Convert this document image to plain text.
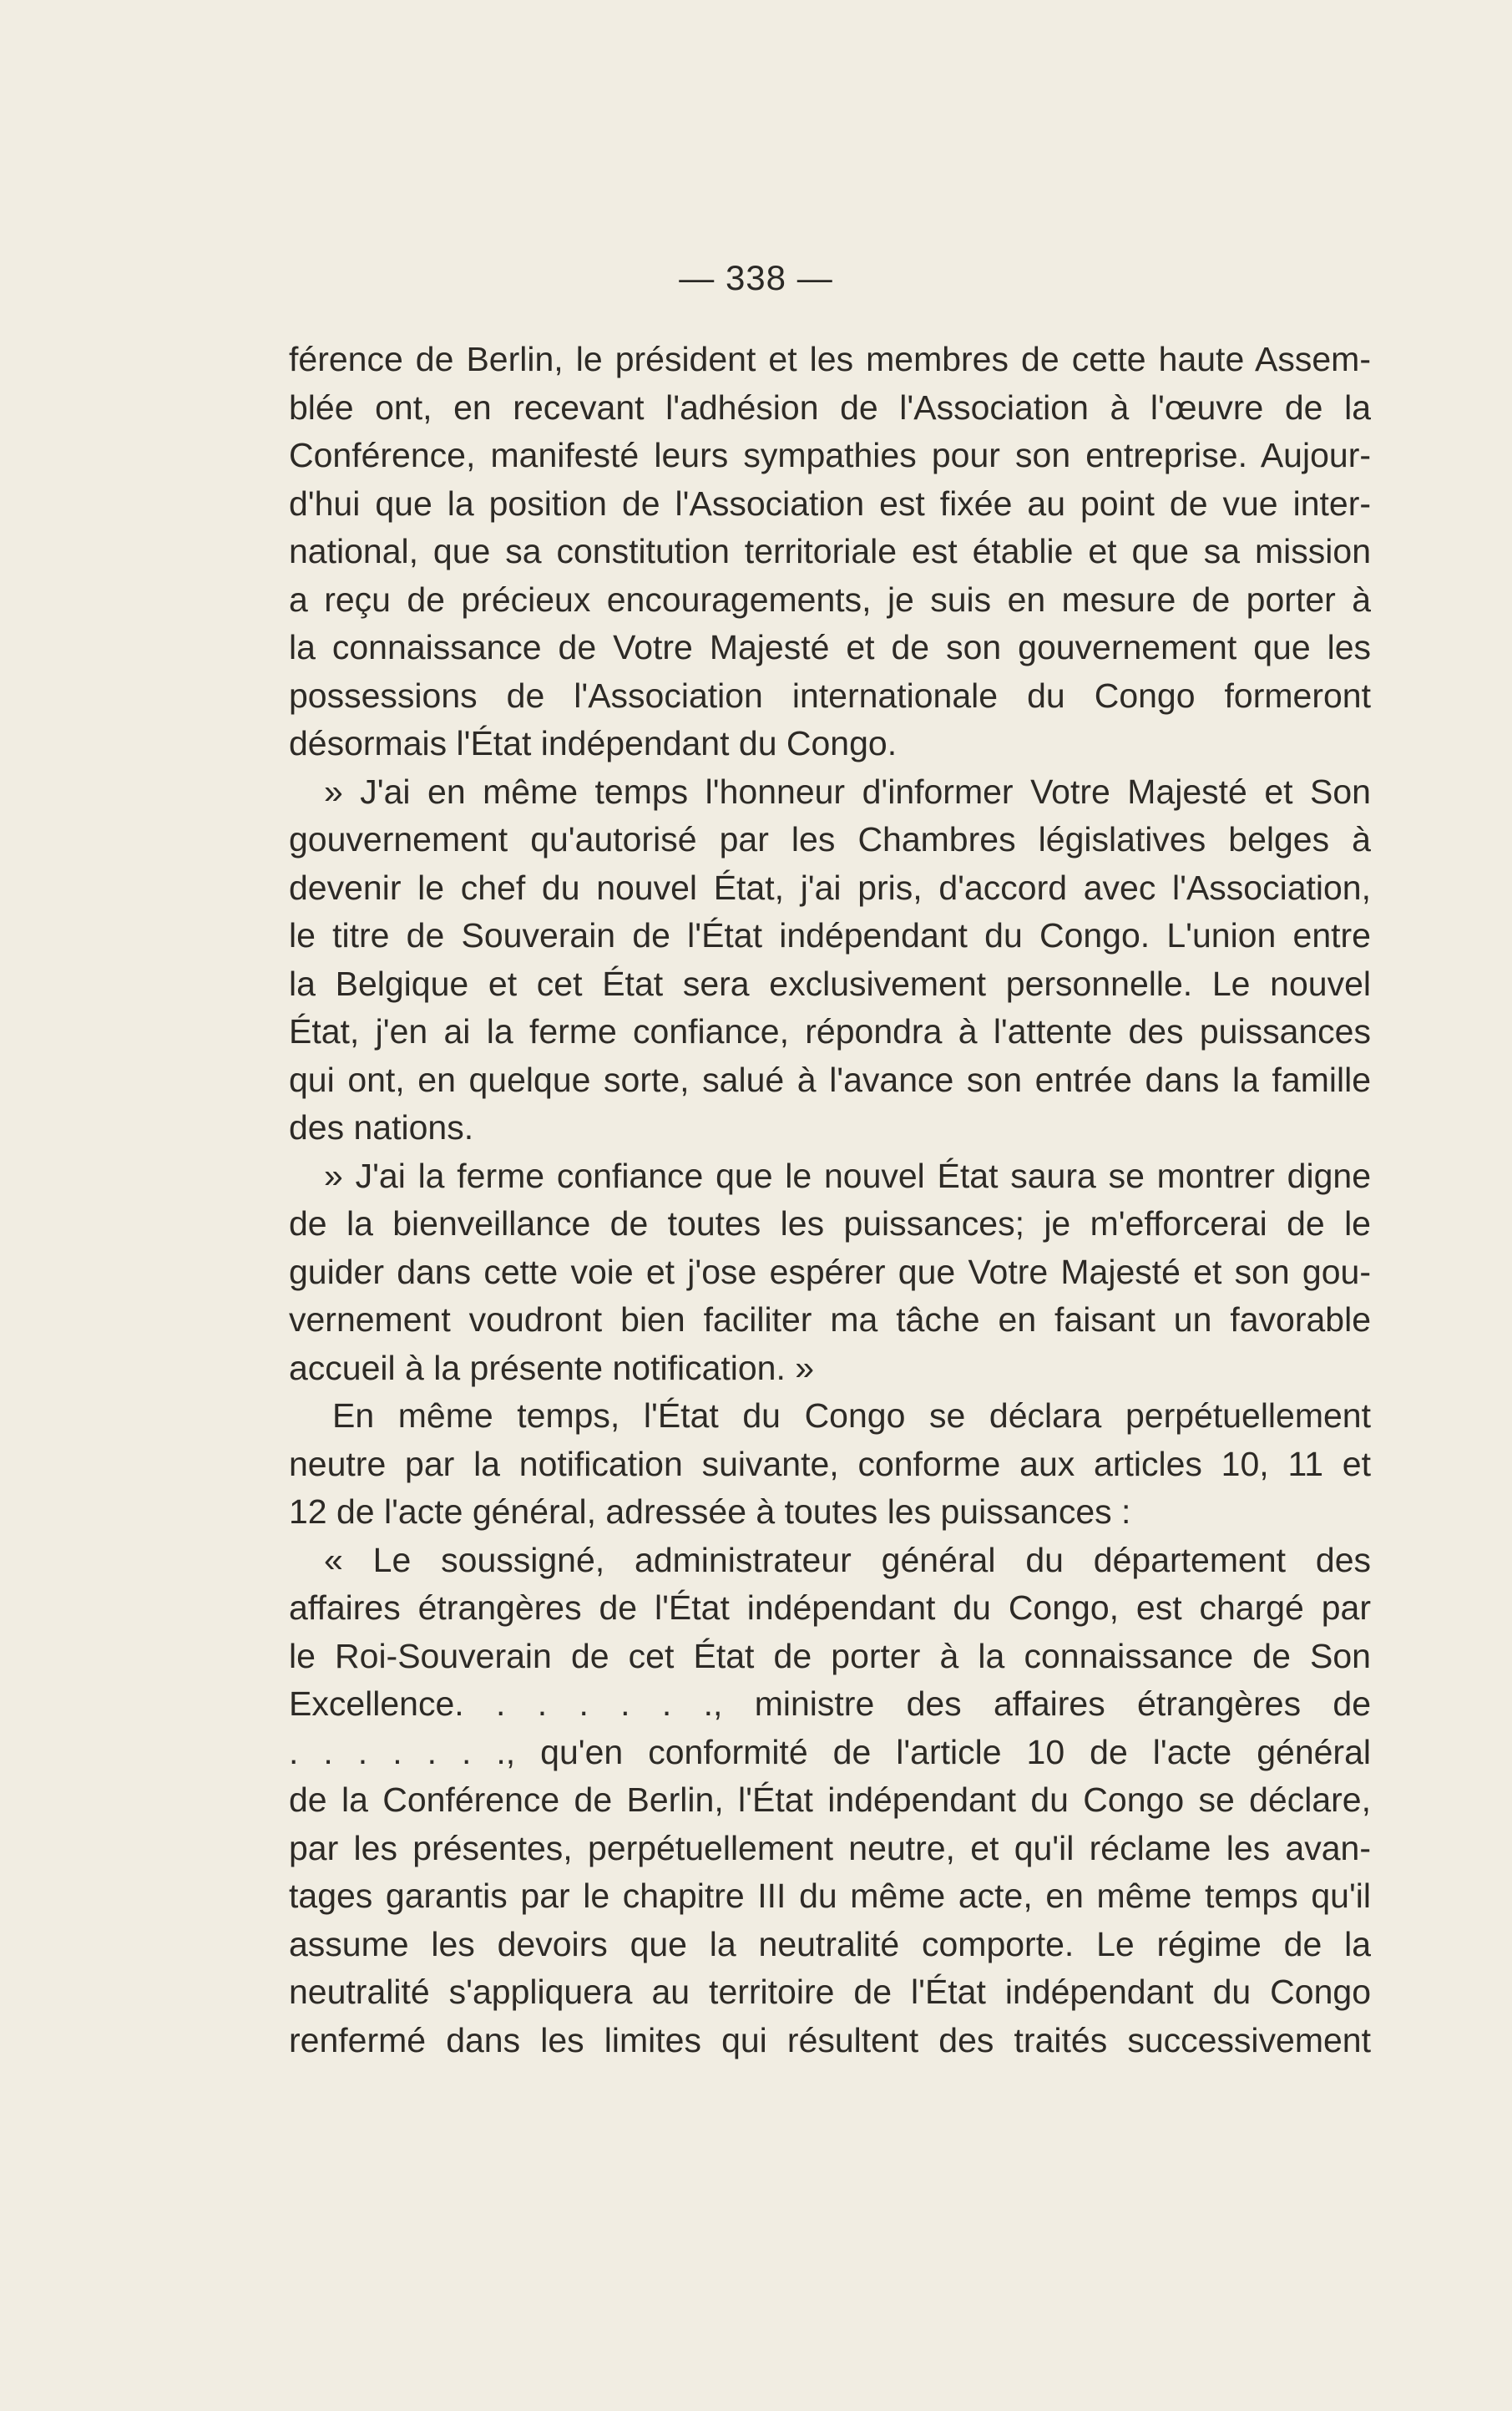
— 338 —
férence de Berlin, le président et les membres de cette haute Assem-
blée ont, en recevant l'adhésion de l'Association à l'œuvre de la
Conférence, manifesté leurs sympathies pour son entreprise. Aujour-
d'hui que la position de l'Association est fixée au point de vue inter-
national, que sa constitution territoriale est établie et que sa mission
a reçu de précieux encouragements, je suis en mesure de porter à
la connaissance de Votre Majesté et de son gouvernement que les
possessions de l'Association internationale du Congo formeront
désormais l'État indépendant du Congo.
» J'ai en même temps l'honneur d'informer Votre Majesté et Son
gouvernement qu'autorisé par les Chambres législatives belges à
devenir le chef du nouvel État, j'ai pris, d'accord avec l'Association,
le titre de Souverain de l'État indépendant du Congo. L'union entre
la Belgique et cet État sera exclusivement personnelle. Le nouvel
État, j'en ai la ferme confiance, répondra à l'attente des puissances
qui ont, en quelque sorte, salué à l'avance son entrée dans la famille
des nations.
» J'ai la ferme confiance que le nouvel État saura se montrer digne
de la bienveillance de toutes les puissances; je m'efforcerai de le
guider dans cette voie et j'ose espérer que Votre Majesté et son gou-
vernement voudront bien faciliter ma tâche en faisant un favorable
accueil à la présente notification. »
En même temps, l'État du Congo se déclara perpétuellement
neutre par la notification suivante, conforme aux articles 10, 11 et
12 de l'acte général, adressée à toutes les puissances :
« Le soussigné, administrateur général du département des
affaires étrangères de l'État indépendant du Congo, est chargé par
le Roi-Souverain de cet État de porter à la connaissance de Son
Excellence. . . . . . ., ministre des affaires étrangères de
. . . . . . ., qu'en conformité de l'article 10 de l'acte général
de la Conférence de Berlin, l'État indépendant du Congo se déclare,
par les présentes, perpétuellement neutre, et qu'il réclame les avan-
tages garantis par le chapitre III du même acte, en même temps qu'il
assume les devoirs que la neutralité comporte. Le régime de la
neutralité s'appliquera au territoire de l'État indépendant du Congo
renfermé dans les limites qui résultent des traités successivement
